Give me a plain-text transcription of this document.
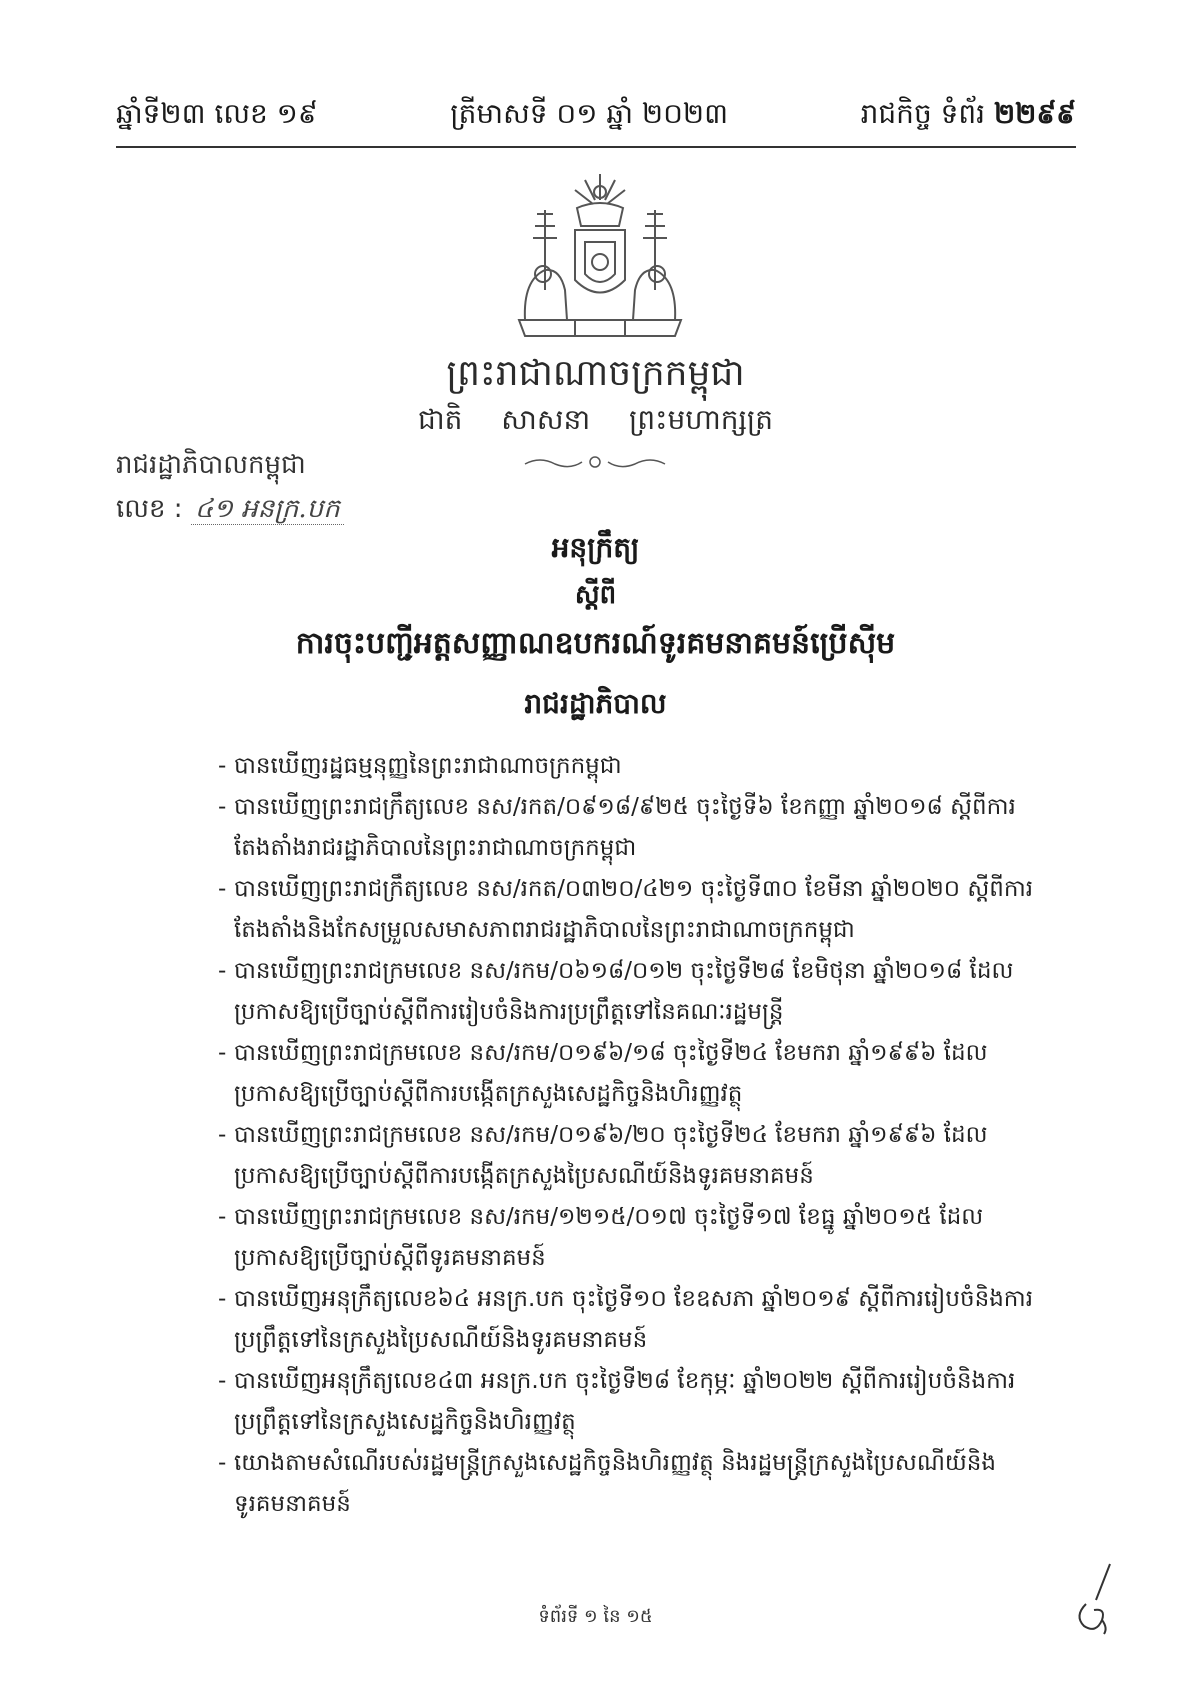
ឆ្នាំទី២៣ លេខ ១៩	ត្រីមាសទី ០១ ឆ្នាំ ២០២៣	រាជកិច្ច ទំព័រ ២២៩៩
ព្រះរាជាណាចក្រកម្ពុជា
ជាតិ សាសនា ព្រះមហាក្សត្រ
រាជរដ្ឋាភិបាលកម្ពុជា
លេខ : ៤១ អនក្រ.បក
អនុក្រឹត្យ
ស្តីពី
ការចុះបញ្ជីអត្តសញ្ញាណឧបករណ៍ទូរគមនាគមន៍ប្រើស៊ីម
រាជរដ្ឋាភិបាល
- បានឃើញរដ្ឋធម្មនុញ្ញនៃព្រះរាជាណាចក្រកម្ពុជា
- បានឃើញព្រះរាជក្រឹត្យលេខ នស/រកត/០៩១៨/៩២៥ ចុះថ្ងៃទី៦ ខែកញ្ញា ឆ្នាំ២០១៨ ស្តីពីការតែងតាំងរាជរដ្ឋាភិបាលនៃព្រះរាជាណាចក្រកម្ពុជា
- បានឃើញព្រះរាជក្រឹត្យលេខ នស/រកត/០៣២០/៤២១ ចុះថ្ងៃទី៣០ ខែមីនា ឆ្នាំ២០២០ ស្តីពីការតែងតាំងនិងកែសម្រួលសមាសភាពរាជរដ្ឋាភិបាលនៃព្រះរាជាណាចក្រកម្ពុជា
- បានឃើញព្រះរាជក្រមលេខ នស/រកម/០៦១៨/០១២ ចុះថ្ងៃទី២៨ ខែមិថុនា ឆ្នាំ២០១៨ ដែលប្រកាសឱ្យប្រើច្បាប់ស្តីពីការរៀបចំនិងការប្រព្រឹត្តទៅនៃគណៈរដ្ឋមន្ត្រី
- បានឃើញព្រះរាជក្រមលេខ នស/រកម/០១៩៦/១៨ ចុះថ្ងៃទី២៤ ខែមករា ឆ្នាំ១៩៩៦ ដែលប្រកាសឱ្យប្រើច្បាប់ស្តីពីការបង្កើតក្រសួងសេដ្ឋកិច្ចនិងហិរញ្ញវត្ថុ
- បានឃើញព្រះរាជក្រមលេខ នស/រកម/០១៩៦/២០ ចុះថ្ងៃទី២៤ ខែមករា ឆ្នាំ១៩៩៦ ដែលប្រកាសឱ្យប្រើច្បាប់ស្តីពីការបង្កើតក្រសួងប្រៃសណីយ៍និងទូរគមនាគមន៍
- បានឃើញព្រះរាជក្រមលេខ នស/រកម/១២១៥/០១៧ ចុះថ្ងៃទី១៧ ខែធ្នូ ឆ្នាំ២០១៥ ដែលប្រកាសឱ្យប្រើច្បាប់ស្តីពីទូរគមនាគមន៍
- បានឃើញអនុក្រឹត្យលេខ៦៤ អនក្រ.បក ចុះថ្ងៃទី១០ ខែឧសភា ឆ្នាំ២០១៩ ស្តីពីការរៀបចំនិងការប្រព្រឹត្តទៅនៃក្រសួងប្រៃសណីយ៍និងទូរគមនាគមន៍
- បានឃើញអនុក្រឹត្យលេខ៤៣ អនក្រ.បក ចុះថ្ងៃទី២៨ ខែកុម្ភៈ ឆ្នាំ២០២២ ស្តីពីការរៀបចំនិងការប្រព្រឹត្តទៅនៃក្រសួងសេដ្ឋកិច្ចនិងហិរញ្ញវត្ថុ
- យោងតាមសំណើរបស់រដ្ឋមន្ត្រីក្រសួងសេដ្ឋកិច្ចនិងហិរញ្ញវត្ថុ និងរដ្ឋមន្ត្រីក្រសួងប្រៃសណីយ៍និងទូរគមនាគមន៍
ទំព័រទី ១ នៃ ១៥
